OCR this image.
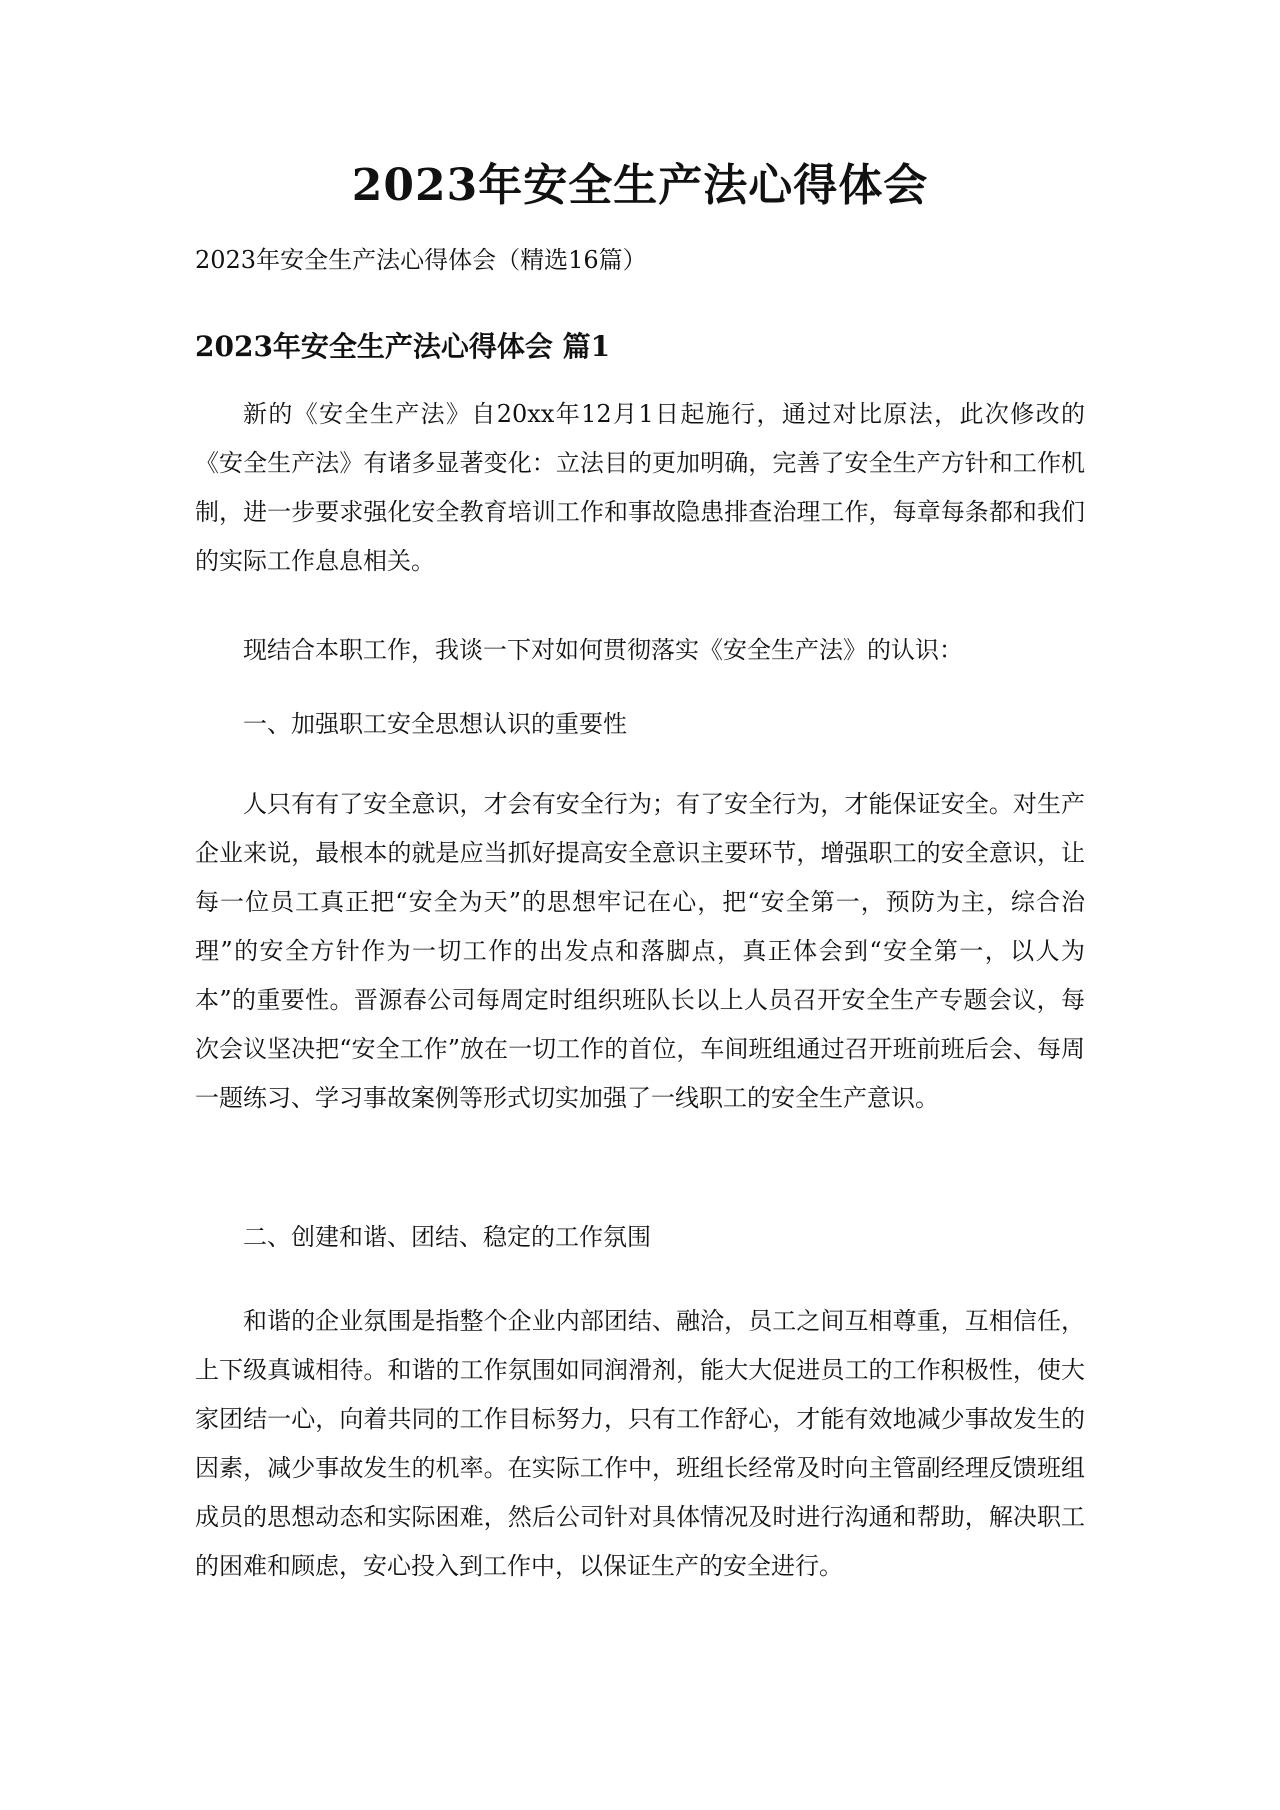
2023年安全生产法心得体会

2023年安全生产法心得体会（精选16篇）

2023年安全生产法心得体会 篇1

新的《安全生产法》自20xx年12月1日起施行，通过对比原法，此次修改的《安全生产法》有诸多显著变化：立法目的更加明确，完善了安全生产方针和工作机制，进一步要求强化安全教育培训工作和事故隐患排查治理工作，每章每条都和我们的实际工作息息相关。

现结合本职工作，我谈一下对如何贯彻落实《安全生产法》的认识：

一、加强职工安全思想认识的重要性

人只有有了安全意识，才会有安全行为；有了安全行为，才能保证安全。对生产企业来说，最根本的就是应当抓好提高安全意识主要环节，增强职工的安全意识，让每一位员工真正把“安全为天”的思想牢记在心，把“安全第一，预防为主，综合治理”的安全方针作为一切工作的出发点和落脚点，真正体会到“安全第一，以人为本”的重要性。晋源春公司每周定时组织班队长以上人员召开安全生产专题会议，每次会议坚决把“安全工作”放在一切工作的首位，车间班组通过召开班前班后会、每周一题练习、学习事故案例等形式切实加强了一线职工的安全生产意识。

二、创建和谐、团结、稳定的工作氛围

和谐的企业氛围是指整个企业内部团结、融洽，员工之间互相尊重，互相信任，上下级真诚相待。和谐的工作氛围如同润滑剂，能大大促进员工的工作积极性，使大家团结一心，向着共同的工作目标努力，只有工作舒心，才能有效地减少事故发生的因素，减少事故发生的机率。在实际工作中，班组长经常及时向主管副经理反馈班组成员的思想动态和实际困难，然后公司针对具体情况及时进行沟通和帮助，解决职工的困难和顾虑，安心投入到工作中，以保证生产的安全进行。
